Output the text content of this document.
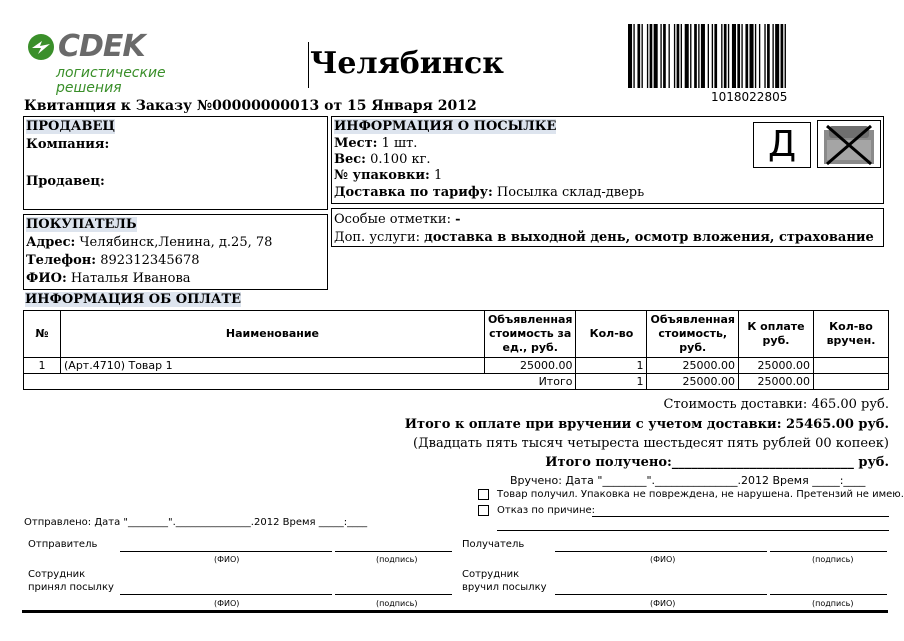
CDEK
логистические
решения
Челябинск
1018022805
Квитанция к Заказу №00000000013 от 15 Января 2012
ПРОДАВЕЦ
Компания:
Продавец:
ИНФОРМАЦИЯ О ПОСЫЛКЕ
Мест: 1 шт.
Вес: 0.100 кг.
№ упаковки: 1
Доставка по тарифу: Посылка склад-дверь
Д
Особые отметки: -
Доп. услуги: доставка в выходной день, осмотр вложения, страхование
ПОКУПАТЕЛЬ
Адрес: Челябинск,Ленина, д.25, 78
Телефон: 892312345678
ФИО: Наталья Иванова
ИНФОРМАЦИЯ ОБ ОПЛАТЕ
№	Наименование	Объявленная стоимость за ед., руб.	Кол-во	Объявленная стоимость, руб.	К оплате руб.	Кол-во вручен.
1	(Арт.4710) Товар 1	25000.00	1	25000.00	25000.00	
Итого			1	25000.00	25000.00	
Стоимость доставки: 465.00 руб.
Итого к оплате при вручении с учетом доставки: 25465.00 руб.
(Двадцать пять тысяч четыреста шестьдесят пять рублей 00 копеек)
Итого получено:____________________________ руб.
Вручено: Дата "________"._______________.2012 Время _____:____
Товар получил. Упаковка не повреждена, не нарушена. Претензий не имею.
Отказ по причине:
Отправлено: Дата "________"._______________.2012 Время _____:____
Отправитель
(ФИО)	(подпись)
Получатель
(ФИО)	(подпись)
Сотрудник
принял посылку
(ФИО)	(подпись)
Сотрудник
вручил посылку
(ФИО)	(подпись)
